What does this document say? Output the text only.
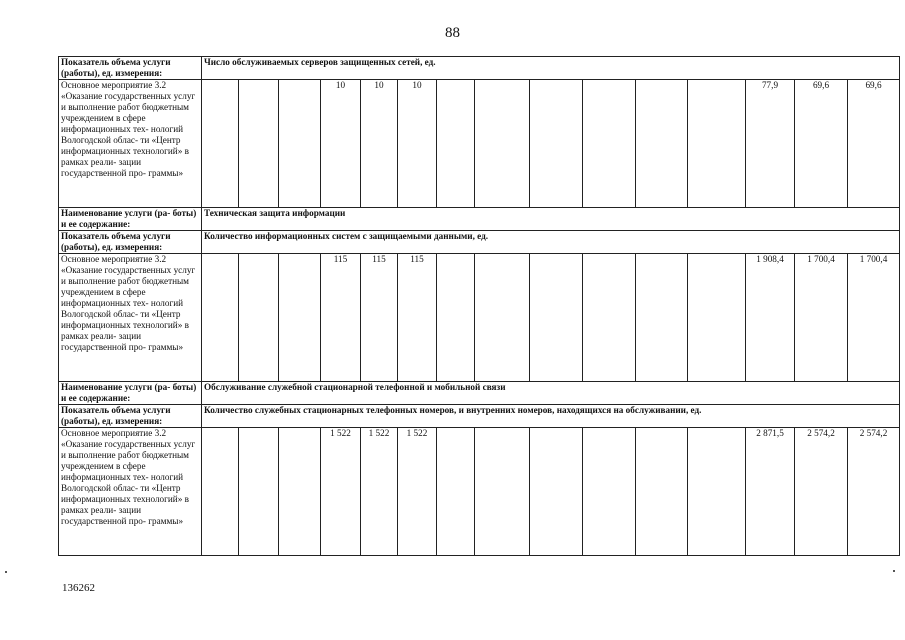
88
Показатель объема услуги (работы), ед. измерения:	Число обслуживаемых серверов защищенных сетей, ед.														
Основное мероприятие 3.2 «Оказание государственных услуг и выполнение работ бюджетным учреждением в сфере информационных тех- нологий Вологодской облас- ти «Центр информационных технологий» в рамках реали- зации государственной про- граммы»				10	10	10							77,9	69,6	69,6
Наименование услуги (ра- боты) и ее содержание:	Техническая защита информации														
Показатель объема услуги (работы), ед. измерения:	Количество информационных систем с защищаемыми данными, ед.														
Основное мероприятие 3.2 «Оказание государственных услуг и выполнение работ бюджетным учреждением в сфере информационных тех- нологий Вологодской облас- ти «Центр информационных технологий» в рамках реали- зации государственной про- граммы»				115	115	115							1 908,4	1 700,4	1 700,4
Наименование услуги (ра- боты) и ее содержание:	Обслуживание служебной стационарной телефонной и мобильной связи														
Показатель объема услуги (работы), ед. измерения:	Количество служебных стационарных телефонных номеров, и внутренних номеров, находящихся на обслуживании, ед.														
Основное мероприятие 3.2 «Оказание государственных услуг и выполнение работ бюджетным учреждением в сфере информационных тех- нологий Вологодской облас- ти «Центр информационных технологий» в рамках реали- зации государственной про- граммы»				1 522	1 522	1 522							2 871,5	2 574,2	2 574,2
136262
